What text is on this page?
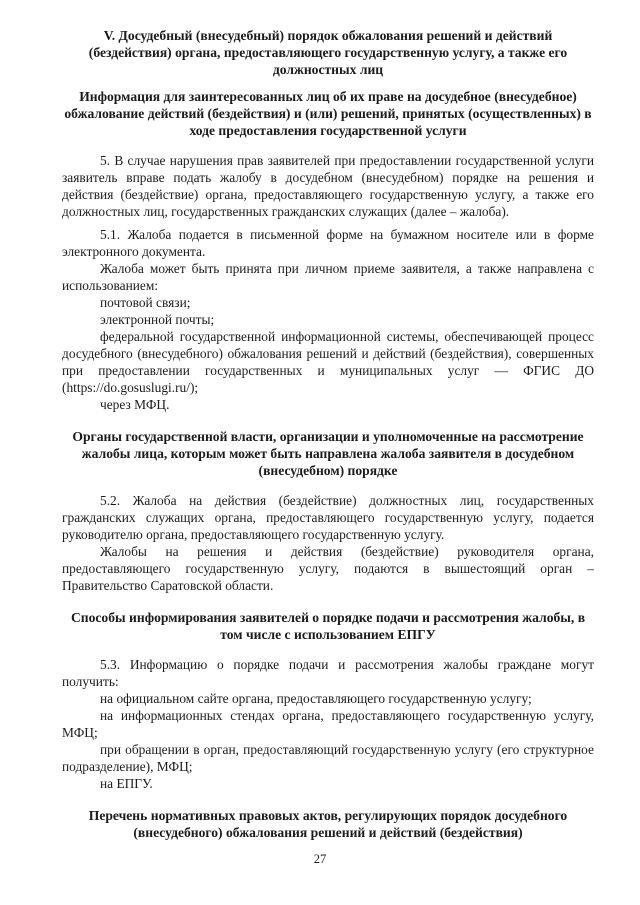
V. Досудебный (внесудебный) порядок обжалования решений и действий (бездействия) органа, предоставляющего государственную услугу, а также его должностных лиц
Информация для заинтересованных лиц об их праве на досудебное (внесудебное) обжалование действий (бездействия) и (или) решений, принятых (осуществленных) в ходе предоставления государственной услуги

5. В случае нарушения прав заявителей при предоставлении государственной услуги заявитель вправе подать жалобу в досудебном (внесудебном) порядке на решения и действия (бездействие) органа, предоставляющего государственную услугу, а также его должностных лиц, государственных гражданских служащих (далее – жалоба).

5.1. Жалоба подается в письменной форме на бумажном носителе или в форме электронного документа.

Жалоба может быть принята при личном приеме заявителя, а также направлена с использованием:

почтовой связи;

электронной почты;

федеральной государственной информационной системы, обеспечивающей процесс досудебного (внесудебного) обжалования решений и действий (бездействия), совершенных при предоставлении государственных и муниципальных услуг — ФГИС ДО (https://do.gosuslugi.ru/);

через МФЦ.

Органы государственной власти, организации и уполномоченные на рассмотрение жалобы лица, которым может быть направлена жалоба заявителя в досудебном (внесудебном) порядке

5.2. Жалоба на действия (бездействие) должностных лиц, государственных гражданских служащих органа, предоставляющего государственную услугу, подается руководителю органа, предоставляющего государственную услугу.

Жалобы на решения и действия (бездействие) руководителя органа, предоставляющего государственную услугу, подаются в вышестоящий орган – Правительство Саратовской области.

Способы информирования заявителей о порядке подачи и рассмотрения жалобы, в том числе с использованием ЕПГУ

5.3. Информацию о порядке подачи и рассмотрения жалобы граждане могут получить:

на официальном сайте органа, предоставляющего государственную услугу;

на информационных стендах органа, предоставляющего государственную услугу, МФЦ;

при обращении в орган, предоставляющий государственную услугу (его структурное подразделение), МФЦ;

на ЕПГУ.

Перечень нормативных правовых актов, регулирующих порядок досудебного (внесудебного) обжалования решений и действий (бездействия)
27
